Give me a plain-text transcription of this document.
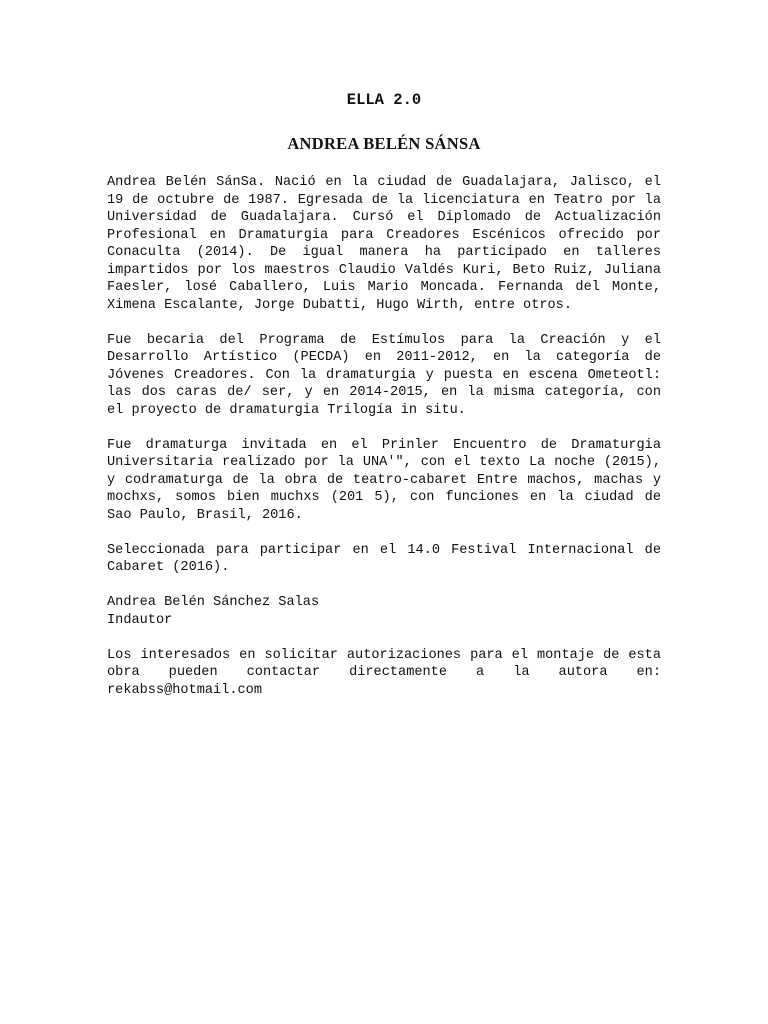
ELLA 2.0
ANDREA BELÉN SÁNSA

Andrea Belén SánSa. Nació en la ciudad de Guadalajara, Jalisco, el 19 de octubre de 1987. Egresada de la licenciatura en Teatro por la Universidad de Guadalajara. Cursó el Diplomado de Actualización Profesional en Dramaturgia para Creadores Escénicos ofrecido por Conaculta (2014). De igual manera ha participado en talleres impartidos por los maestros Claudio Valdés Kuri, Beto Ruiz, Juliana Faesler, losé Caballero, Luis Mario Moncada. Fernanda del Monte, Ximena Escalante, Jorge Dubatti, Hugo Wirth, entre otros.

Fue becaria del Programa de Estímulos para la Creación y el Desarrollo Artístico (PECDA) en 2011-2012, en la categoría de Jóvenes Creadores. Con la dramaturgia y puesta en escena Ometeotl: las dos caras de/ ser, y en 2014-2015, en la misma categoría, con el proyecto de dramaturgia Trilogía in situ.

Fue dramaturga invitada en el Prinler Encuentro de Dramaturgia Universitaria realizado por la UNA'", con el texto La noche (2015), y codramaturga de la obra de teatro-cabaret Entre machos, machas y mochxs, somos bien muchxs (201 5), con funciones en la ciudad de Sao Paulo, Brasil, 2016.

Seleccionada para participar en el 14.0 Festival Internacional de Cabaret (2016).

Andrea Belén Sánchez Salas

Indautor

Los interesados en solicitar autorizaciones para el montaje de esta obra pueden contactar directamente a la autora en: rekabss@hotmail.com
